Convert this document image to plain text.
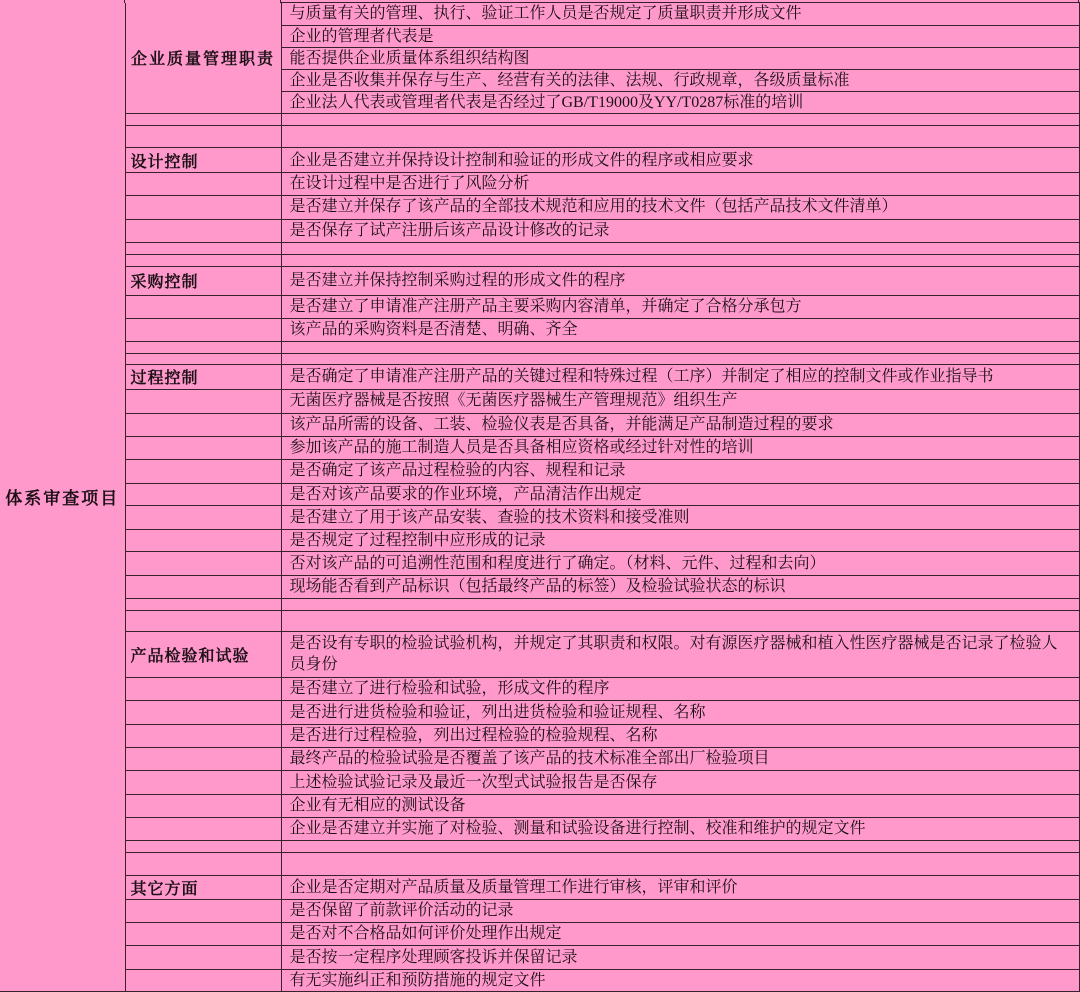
体系审查项目	企业质量管理职责	与质量有关的管理、执行、验证工作人员是否规定了质量职责并形成文件
		企业的管理者代表是
		能否提供企业质量体系组织结构图
		企业是否收集并保存与生产、经营有关的法律、法规、行政规章，各级质量标准
		企业法人代表或管理者代表是否经过了GB/T19000及YY/T0287标准的培训

	设计控制	企业是否建立并保持设计控制和验证的形成文件的程序或相应要求
		在设计过程中是否进行了风险分析
		是否建立并保存了该产品的全部技术规范和应用的技术文件（包括产品技术文件清单）
		是否保存了试产注册后该产品设计修改的记录

	采购控制	是否建立并保持控制采购过程的形成文件的程序
		是否建立了申请准产注册产品主要采购内容清单，并确定了合格分承包方
		该产品的采购资料是否清楚、明确、齐全

	过程控制	是否确定了申请准产注册产品的关键过程和特殊过程（工序）并制定了相应的控制文件或作业指导书
		无菌医疗器械是否按照《无菌医疗器械生产管理规范》组织生产
		该产品所需的设备、工装、检验仪表是否具备，并能满足产品制造过程的要求
		参加该产品的施工制造人员是否具备相应资格或经过针对性的培训
		是否确定了该产品过程检验的内容、规程和记录
		是否对该产品要求的作业环境，产品清洁作出规定
		是否建立了用于该产品安装、查验的技术资料和接受准则
		是否规定了过程控制中应形成的记录
		否对该产品的可追溯性范围和程度进行了确定。（材料、元件、过程和去向）
		现场能否看到产品标识（包括最终产品的标签）及检验试验状态的标识

	产品检验和试验	是否设有专职的检验试验机构，并规定了其职责和权限。对有源医疗器械和植入性医疗器械是否记录了检验人员身份
		是否建立了进行检验和试验，形成文件的程序
		是否进行进货检验和验证，列出进货检验和验证规程、名称
		是否进行过程检验，列出过程检验的检验规程、名称
		最终产品的检验试验是否覆盖了该产品的技术标准全部出厂检验项目
		上述检验试验记录及最近一次型式试验报告是否保存
		企业有无相应的测试设备
		企业是否建立并实施了对检验、测量和试验设备进行控制、校准和维护的规定文件

	其它方面	企业是否定期对产品质量及质量管理工作进行审核，评审和评价
		是否保留了前款评价活动的记录
		是否对不合格品如何评价处理作出规定
		是否按一定程序处理顾客投诉并保留记录
		有无实施纠正和预防措施的规定文件
